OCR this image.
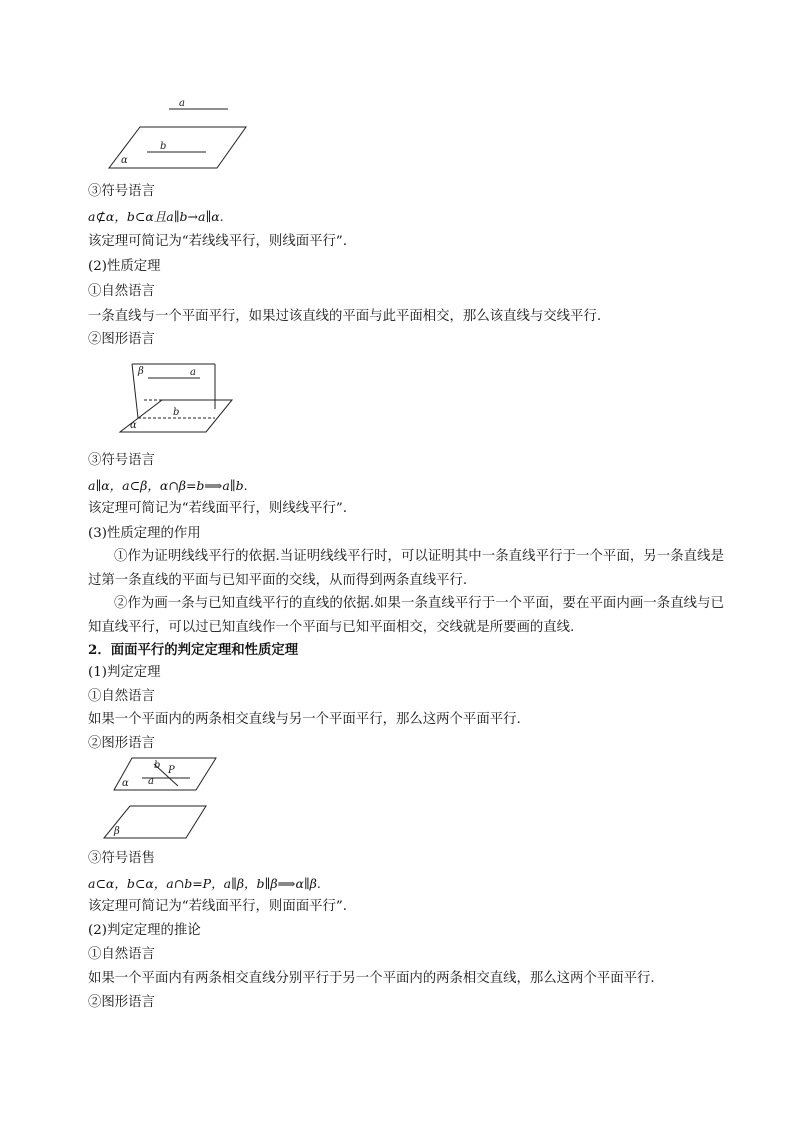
a
b
α
③符号语言
a⊄α，b⊂α且a∥b→a∥α.
该定理可简记为“若线线平行，则线面平行”.
(2)性质定理
①自然语言
一条直线与一个平面平行，如果过该直线的平面与此平面相交，那么该直线与交线平行.
②图形语言
β	a
b
α
③符号语言
a∥α，a⊂β，α∩β=b⟹a∥b.
该定理可简记为“若线面平行，则线线平行”.
(3)性质定理的作用
①作为证明线线平行的依据.当证明线线平行时，可以证明其中一条直线平行于一个平面，另一条直线是过第一条直线的平面与已知平面的交线，从而得到两条直线平行.
②作为画一条与已知直线平行的直线的依据.如果一条直线平行于一个平面，要在平面内画一条直线与已知直线平行，可以过已知直线作一个平面与已知平面相交，交线就是所要画的直线.
2．面面平行的判定定理和性质定理
(1)判定定理
①自然语言
如果一个平面内的两条相交直线与另一个平面平行，那么这两个平面平行.
②图形语言
b P
a
α
β
③符号语售
a⊂α，b⊂α，a∩b=P，a∥β，b∥β⟹α∥β.
该定理可简记为“若线面平行，则面面平行”.
(2)判定定理的推论
①自然语言
如果一个平面内有两条相交直线分别平行于另一个平面内的两条相交直线，那么这两个平面平行.
②图形语言
